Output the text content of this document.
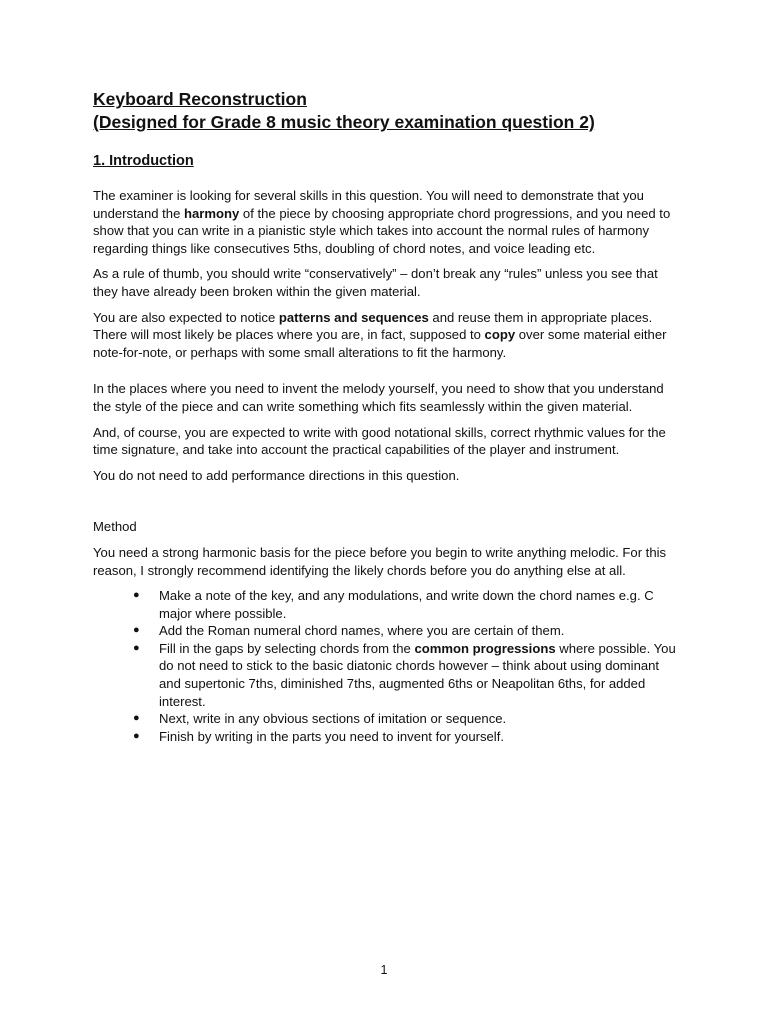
Keyboard Reconstruction
(Designed for Grade 8 music theory examination question 2)
1. Introduction

The examiner is looking for several skills in this question. You will need to demonstrate that you understand the harmony of the piece by choosing appropriate chord progressions, and you need to show that you can write in a pianistic style which takes into account the normal rules of harmony regarding things like consecutives 5ths, doubling of chord notes, and voice leading etc.

As a rule of thumb, you should write “conservatively” – don’t break any “rules” unless you see that they have already been broken within the given material.

You are also expected to notice patterns and sequences and reuse them in appropriate places. There will most likely be places where you are, in fact, supposed to copy over some material either note-for-note, or perhaps with some small alterations to fit the harmony.

In the places where you need to invent the melody yourself, you need to show that you understand the style of the piece and can write something which fits seamlessly within the given material.

And, of course, you are expected to write with good notational skills, correct rhythmic values for the time signature, and take into account the practical capabilities of the player and instrument.

You do not need to add performance directions in this question.

Method

You need a strong harmonic basis for the piece before you begin to write anything melodic. For this reason, I strongly recommend identifying the likely chords before you do anything else at all.

● Make a note of the key, and any modulations, and write down the chord names e.g. C major where possible.
● Add the Roman numeral chord names, where you are certain of them.
● Fill in the gaps by selecting chords from the common progressions where possible. You do not need to stick to the basic diatonic chords however – think about using dominant and supertonic 7ths, diminished 7ths, augmented 6ths or Neapolitan 6ths, for added interest.
● Next, write in any obvious sections of imitation or sequence.
● Finish by writing in the parts you need to invent for yourself.
1
